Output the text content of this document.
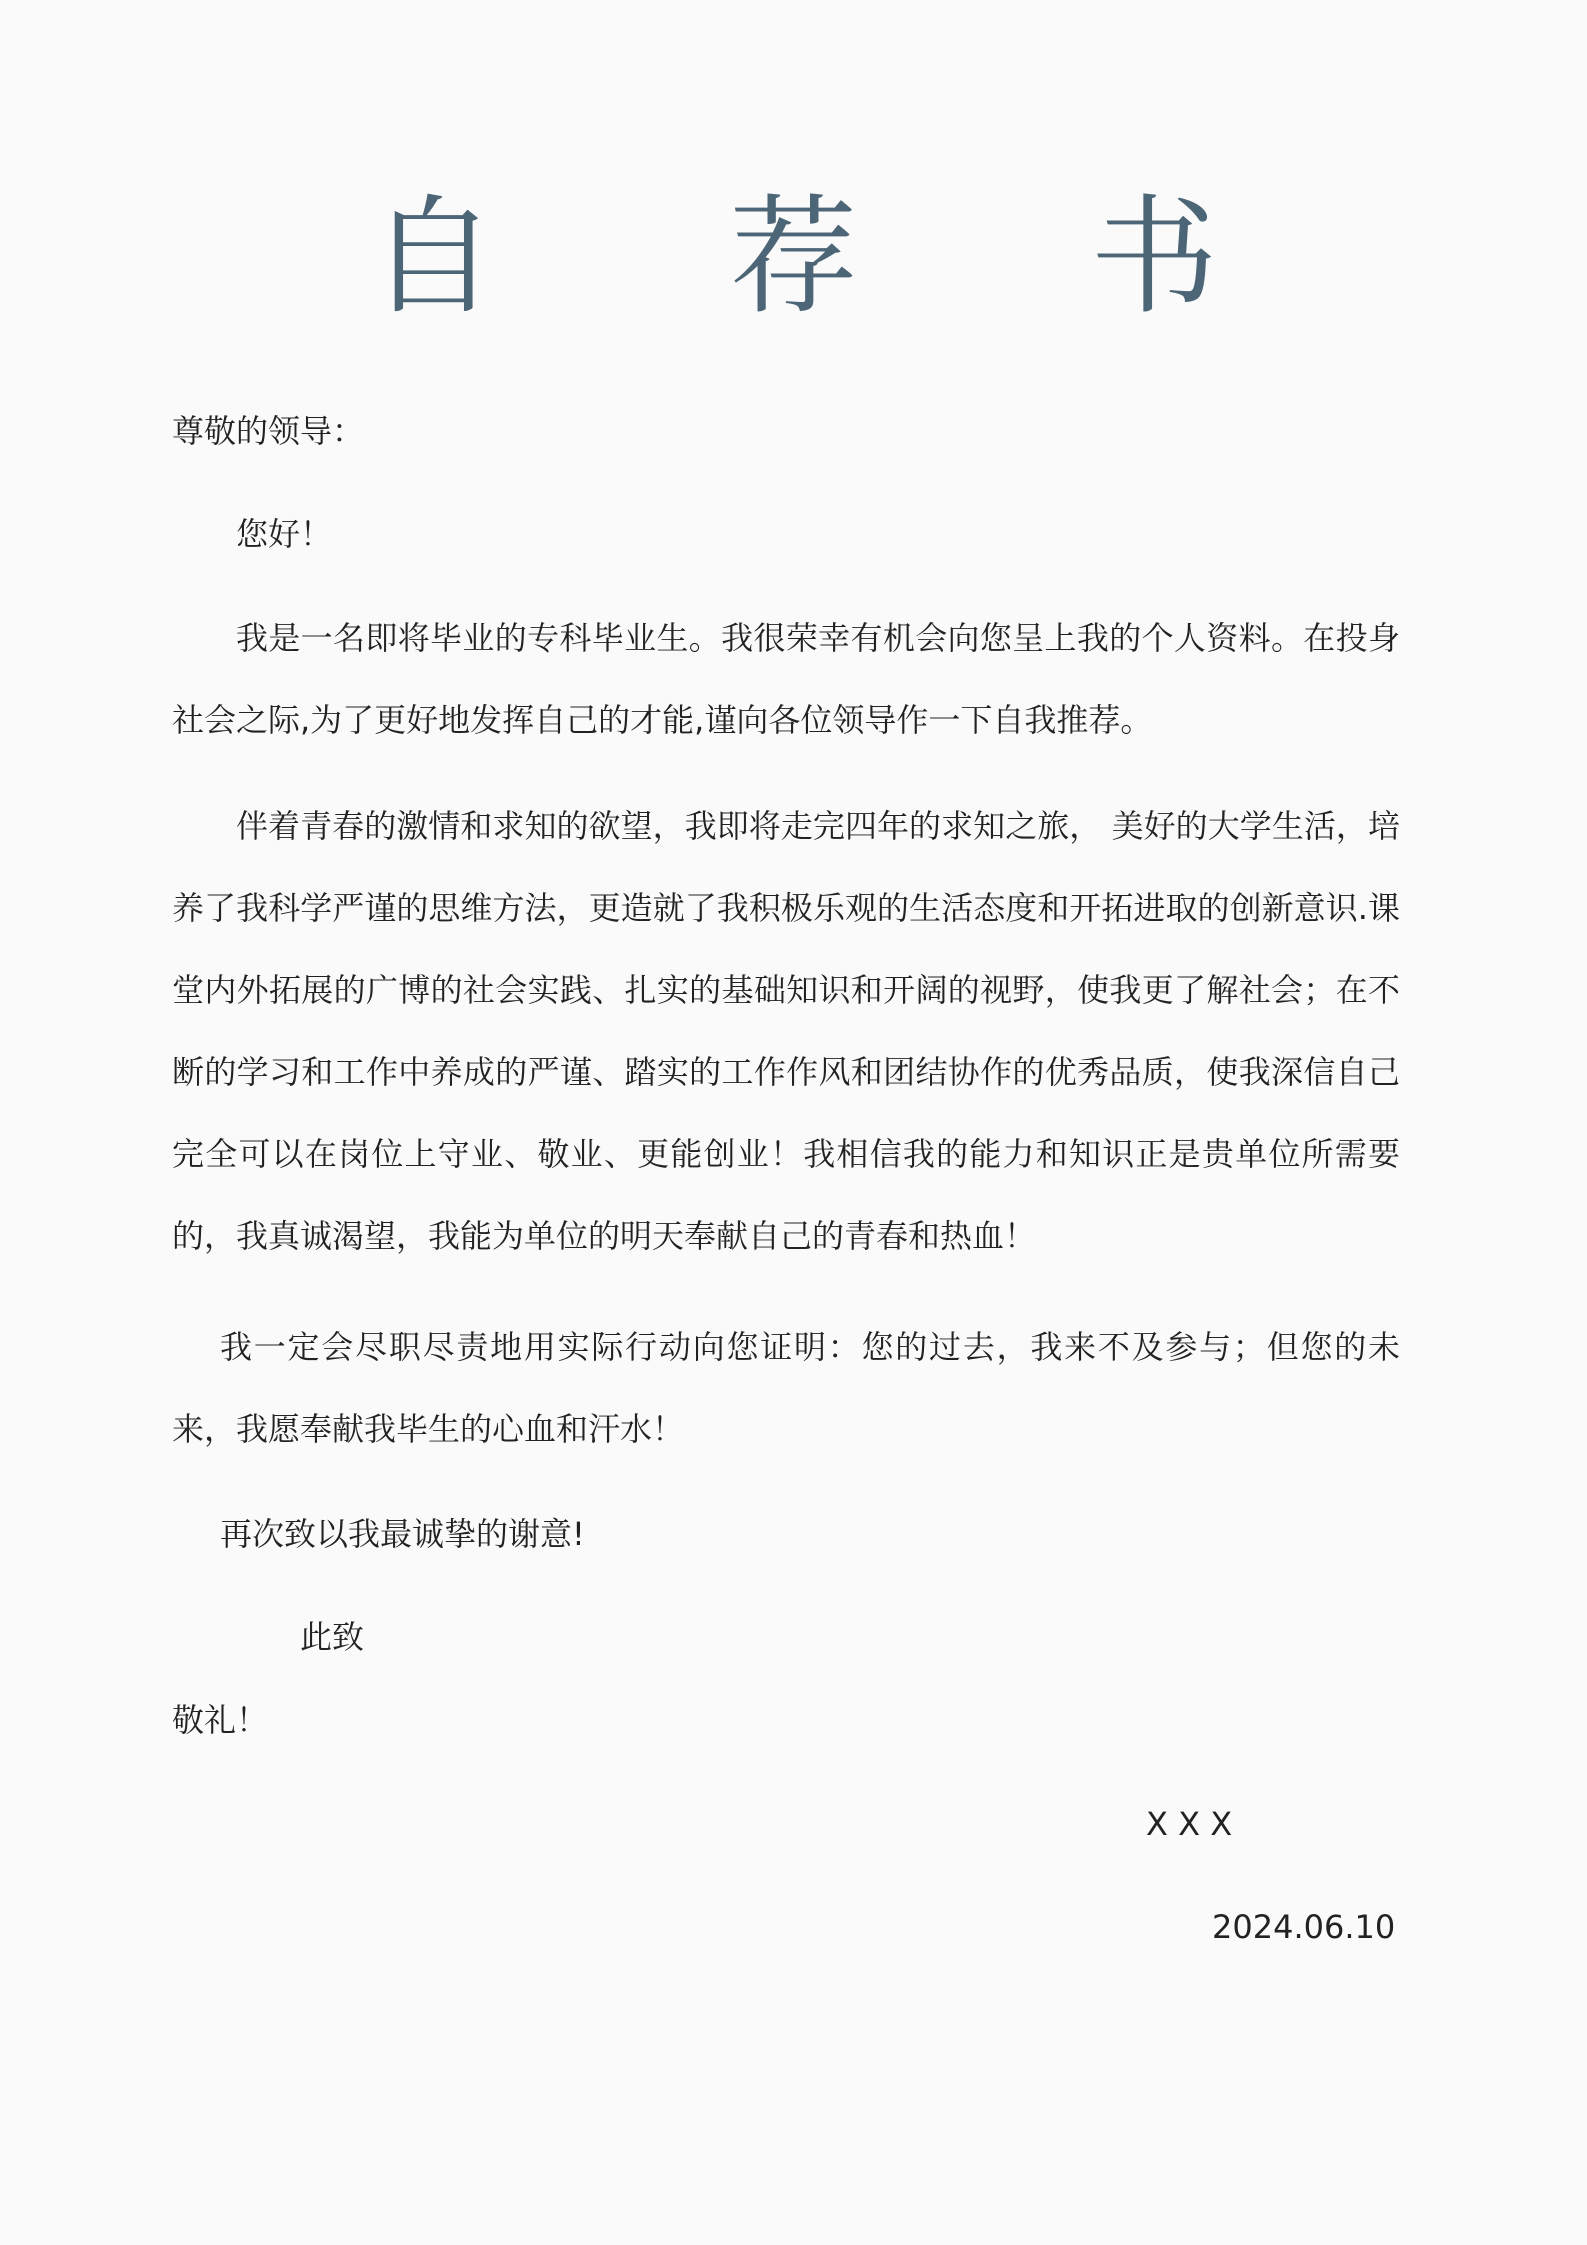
自 荐 书
尊敬的领导：
您好！
我是一名即将毕业的专科毕业生。我很荣幸有机会向您呈上我的个人资料。在投身社会之际,为了更好地发挥自己的才能,谨向各位领导作一下自我推荐。
伴着青春的激情和求知的欲望，我即将走完四年的求知之旅， 美好的大学生活，培养了我科学严谨的思维方法，更造就了我积极乐观的生活态度和开拓进取的创新意识.课堂内外拓展的广博的社会实践、扎实的基础知识和开阔的视野，使我更了解社会；在不断的学习和工作中养成的严谨、踏实的工作作风和团结协作的优秀品质，使我深信自己完全可以在岗位上守业、敬业、更能创业！我相信我的能力和知识正是贵单位所需要的，我真诚渴望，我能为单位的明天奉献自己的青春和热血！
我一定会尽职尽责地用实际行动向您证明：您的过去，我来不及参与；但您的未来，我愿奉献我毕生的心血和汗水！
再次致以我最诚挚的谢意!
此致
敬礼！
X X X
2024.06.10
